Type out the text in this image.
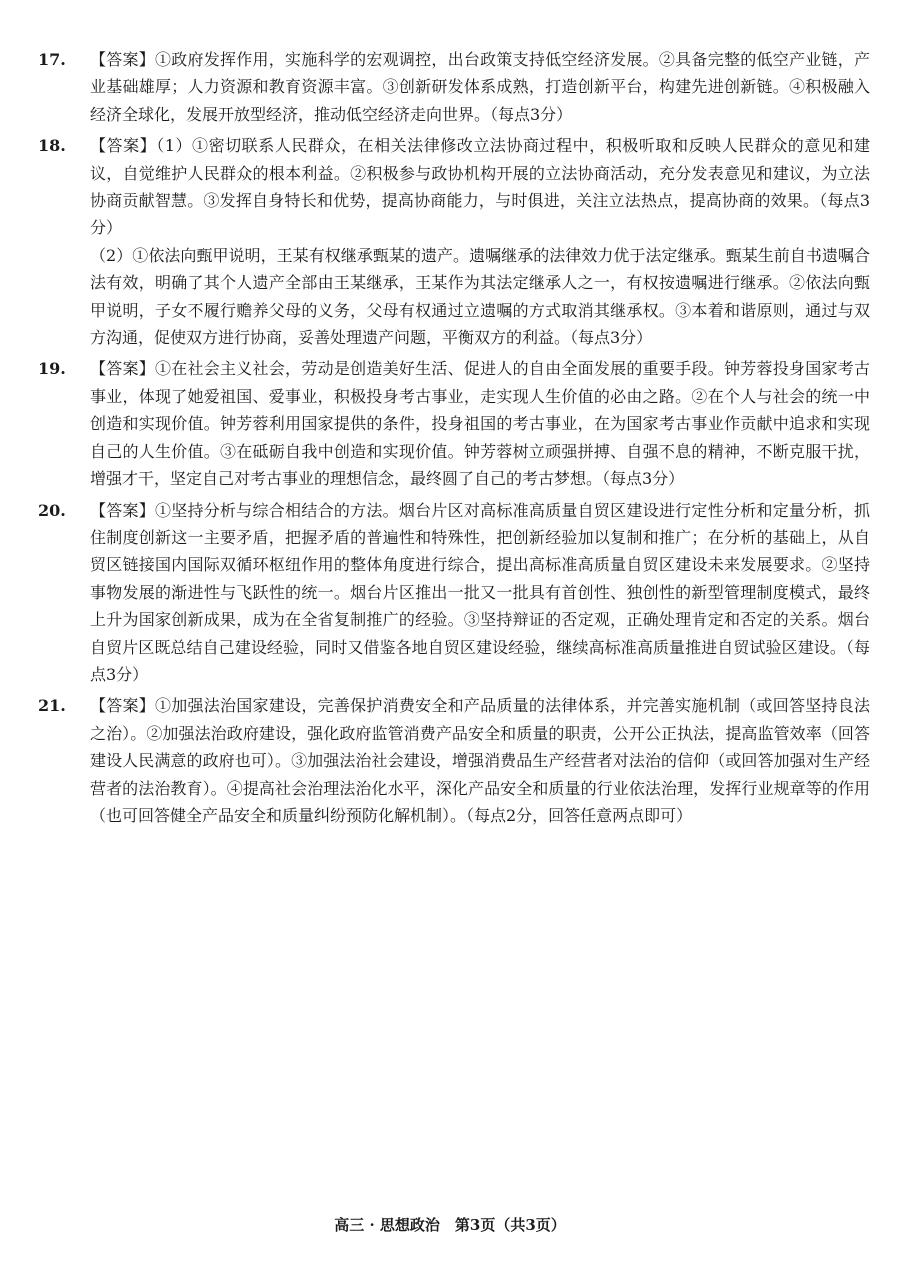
17.	【答案】①政府发挥作用，实施科学的宏观调控，出台政策支持低空经济发展。②具备完整的低空产业链，产业基础雄厚；人力资源和教育资源丰富。③创新研发体系成熟，打造创新平台，构建先进创新链。④积极融入经济全球化，发展开放型经济，推动低空经济走向世界。（每点3分）

18.	【答案】（1）①密切联系人民群众，在相关法律修改立法协商过程中，积极听取和反映人民群众的意见和建议，自觉维护人民群众的根本利益。②积极参与政协机构开展的立法协商活动，充分发表意见和建议，为立法协商贡献智慧。③发挥自身特长和优势，提高协商能力，与时俱进，关注立法热点，提高协商的效果。（每点3分）

（2）①依法向甄甲说明，王某有权继承甄某的遗产。遗嘱继承的法律效力优于法定继承。甄某生前自书遗嘱合法有效，明确了其个人遗产全部由王某继承，王某作为其法定继承人之一，有权按遗嘱进行继承。②依法向甄甲说明，子女不履行赡养父母的义务，父母有权通过立遗嘱的方式取消其继承权。③本着和谐原则，通过与双方沟通，促使双方进行协商，妥善处理遗产问题，平衡双方的利益。（每点3分）

19.	【答案】①在社会主义社会，劳动是创造美好生活、促进人的自由全面发展的重要手段。钟芳蓉投身国家考古事业，体现了她爱祖国、爱事业，积极投身考古事业，走实现人生价值的必由之路。②在个人与社会的统一中创造和实现价值。钟芳蓉利用国家提供的条件，投身祖国的考古事业，在为国家考古事业作贡献中追求和实现自己的人生价值。③在砥砺自我中创造和实现价值。钟芳蓉树立顽强拼搏、自强不息的精神，不断克服干扰，增强才干，坚定自己对考古事业的理想信念，最终圆了自己的考古梦想。（每点3分）

20.	【答案】①坚持分析与综合相结合的方法。烟台片区对高标准高质量自贸区建设进行定性分析和定量分析，抓住制度创新这一主要矛盾，把握矛盾的普遍性和特殊性，把创新经验加以复制和推广；在分析的基础上，从自贸区链接国内国际双循环枢纽作用的整体角度进行综合，提出高标准高质量自贸区建设未来发展要求。②坚持事物发展的渐进性与飞跃性的统一。烟台片区推出一批又一批具有首创性、独创性的新型管理制度模式，最终上升为国家创新成果，成为在全省复制推广的经验。③坚持辩证的否定观，正确处理肯定和否定的关系。烟台自贸片区既总结自己建设经验，同时又借鉴各地自贸区建设经验，继续高标准高质量推进自贸试验区建设。（每点3分）

21.	【答案】①加强法治国家建设，完善保护消费安全和产品质量的法律体系，并完善实施机制（或回答坚持良法之治）。②加强法治政府建设，强化政府监管消费产品安全和质量的职责，公开公正执法，提高监管效率（回答建设人民满意的政府也可）。③加强法治社会建设，增强消费品生产经营者对法治的信仰（或回答加强对生产经营者的法治教育）。④提高社会治理法治化水平，深化产品安全和质量的行业依法治理，发挥行业规章等的作用（也可回答健全产品安全和质量纠纷预防化解机制）。（每点2分，回答任意两点即可）

高三 · 思想政治　第3页（共3页）
